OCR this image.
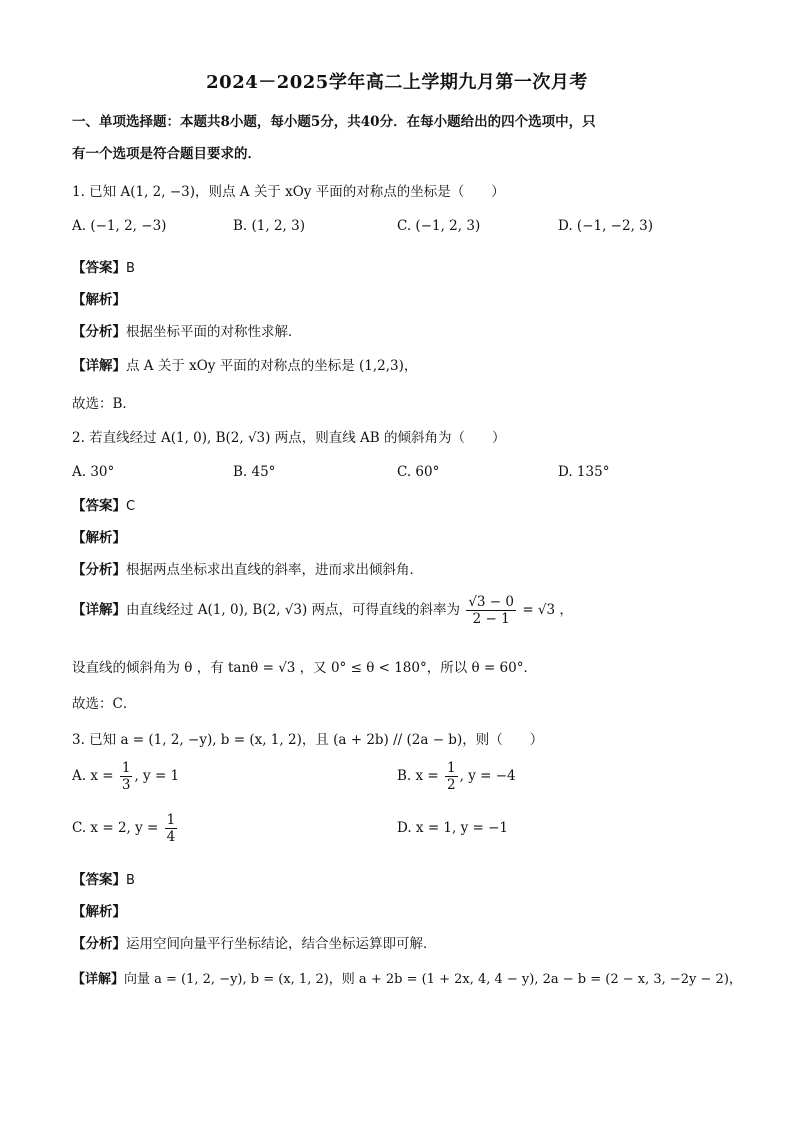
2024－2025学年高二上学期九月第一次月考
一、单项选择题：本题共8小题，每小题5分，共40分．在每小题给出的四个选项中，只
有一个选项是符合题目要求的．
1. 已知 A(1, 2, −3)，则点 A 关于 xOy 平面的对称点的坐标是（　　）
A. (−1, 2, −3)	B. (1, 2, 3)	C. (−1, 2, 3)	D. (−1, −2, 3)
【答案】B
【解析】
【分析】根据坐标平面的对称性求解．
【详解】点 A 关于 xOy 平面的对称点的坐标是 (1,2,3)，
故选：B．
2. 若直线经过 A(1, 0), B(2, √3) 两点，则直线 AB 的倾斜角为（　　）
A. 30°	B. 45°	C. 60°	D. 135°
【答案】C
【解析】
【分析】根据两点坐标求出直线的斜率，进而求出倾斜角．
【详解】由直线经过 A(1, 0), B(2, √3) 两点，可得直线的斜率为 $\frac{√3 - 0}{2 - 1} = √3$ ，
设直线的倾斜角为 θ ，有 tanθ = √3 ，又 0° ≤ θ < 180°，所以 θ = 60°．
故选：C．
3. 已知 a = (1, 2, −y), b = (x, 1, 2)，且 (a + 2b) // (2a − b)，则（　　）
A. $x = \frac{1}{3}$ , y = 1	B. $x = \frac{1}{2}$ , y = −4
C. x = 2, $y = \frac{1}{4}$	D. x = 1, y = −1
【答案】B
【解析】
【分析】运用空间向量平行坐标结论，结合坐标运算即可解．
【详解】向量 a = (1, 2, −y), b = (x, 1, 2)，则 a + 2b = (1 + 2x, 4, 4 − y), 2a − b = (2 − x, 3, −2y − 2)，
